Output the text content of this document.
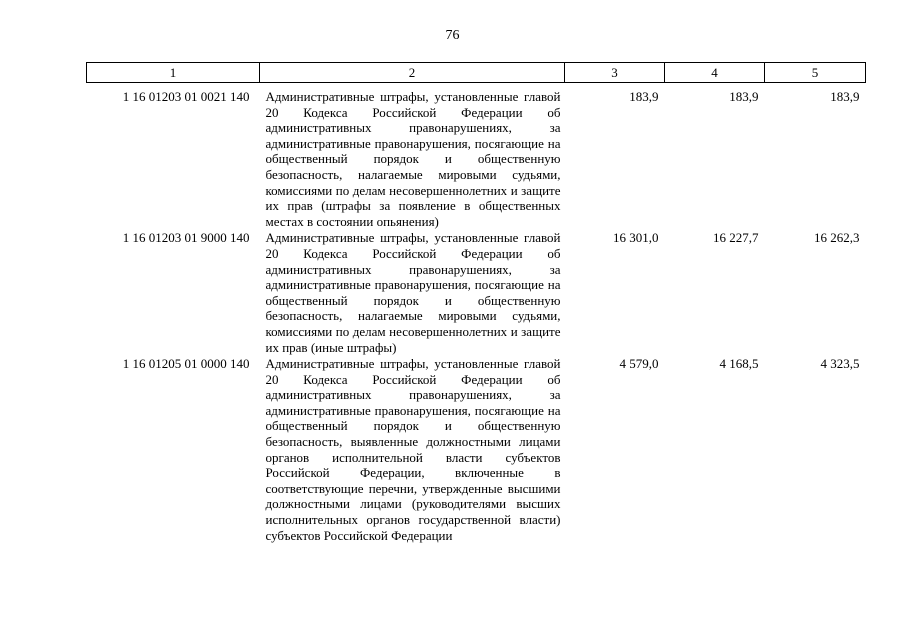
76
1	2	3	4	5
1 16 01203 01 0021 140	Административные штрафы, установленные главой 20 Кодекса Российской Федерации об административных правонарушениях, за административные правонарушения, посягающие на общественный порядок и общественную безопасность, налагаемые мировыми судьями, комиссиями по делам несовершеннолетних и защите их прав (штрафы за появление в общественных местах в состоянии опьянения)	183,9	183,9	183,9
1 16 01203 01 9000 140	Административные штрафы, установленные главой 20 Кодекса Российской Федерации об административных правонарушениях, за административные правонарушения, посягающие на общественный порядок и общественную безопасность, налагаемые мировыми судьями, комиссиями по делам несовершеннолетних и защите их прав (иные штрафы)	16 301,0	16 227,7	16 262,3
1 16 01205 01 0000 140	Административные штрафы, установленные главой 20 Кодекса Российской Федерации об административных правонарушениях, за административные правонарушения, посягающие на общественный порядок и общественную безопасность, выявленные должностными лицами органов исполнительной власти субъектов Российской Федерации, включенные в соответствующие перечни, утвержденные высшими должностными лицами (руководителями высших исполнительных органов государственной власти) субъектов Российской Федерации	4 579,0	4 168,5	4 323,5
